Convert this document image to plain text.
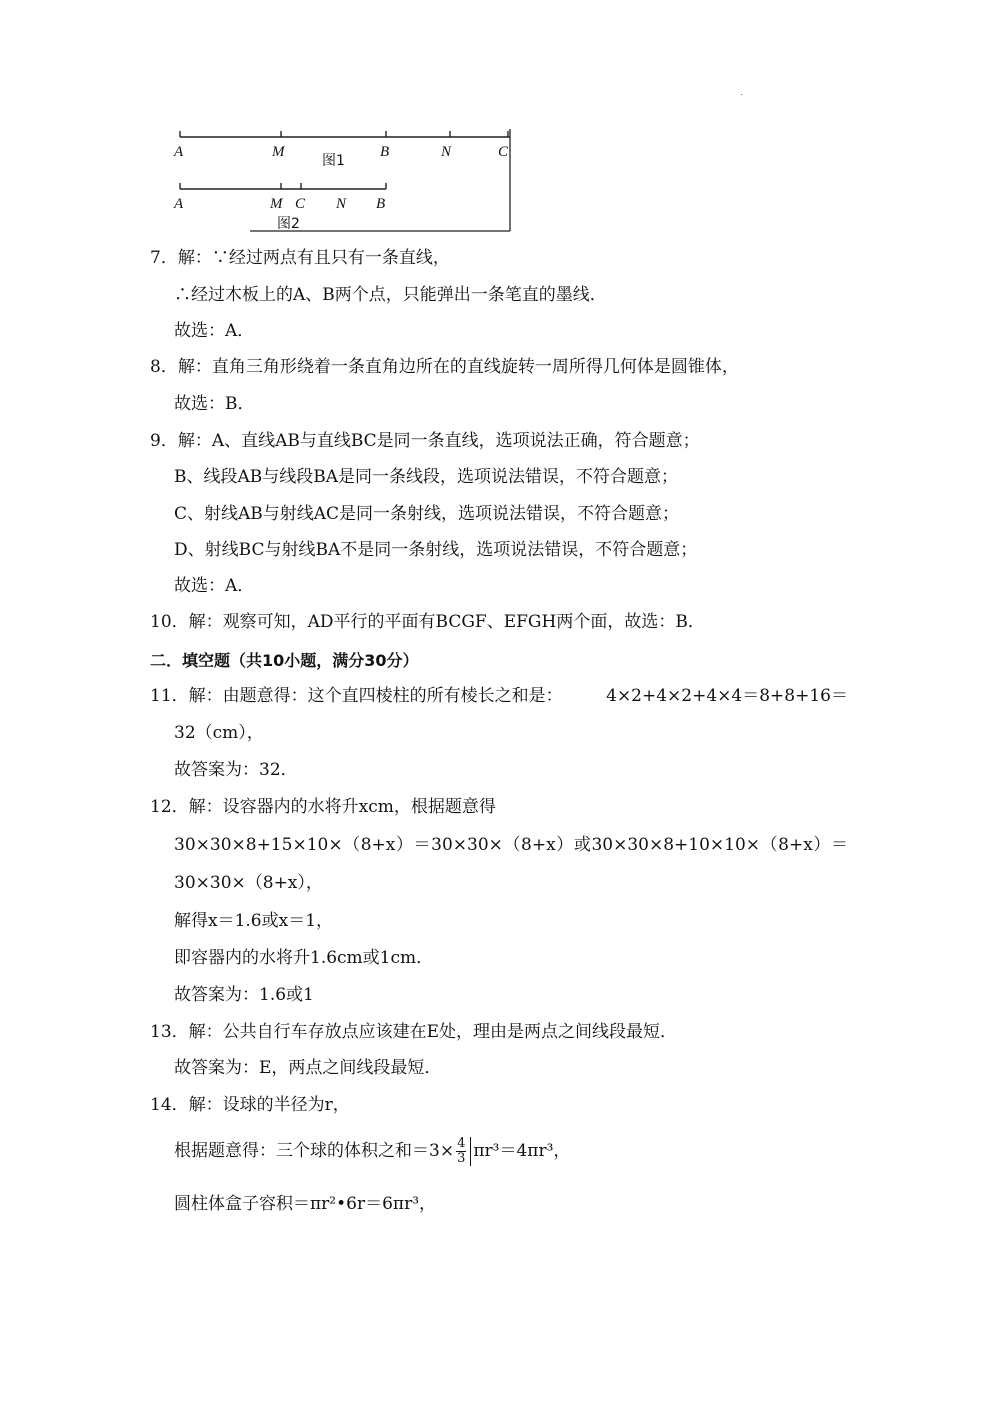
.
A	M	B	N	C
图1
A	M C N B
图2
7．解：∵经过两点有且只有一条直线，
∴经过木板上的A、B两个点，只能弹出一条笔直的墨线．
故选：A．
8．解：直角三角形绕着一条直角边所在的直线旋转一周所得几何体是圆锥体，
故选：B．
9．解：A、直线AB与直线BC是同一条直线，选项说法正确，符合题意；
B、线段AB与线段BA是同一条线段，选项说法错误，不符合题意；
C、射线AB与射线AC是同一条射线，选项说法错误，不符合题意；
D、射线BC与射线BA不是同一条射线，选项说法错误，不符合题意；
故选：A．
10．解：观察可知，AD平行的平面有BCGF、EFGH两个面，故选：B．
二．填空题（共10小题，满分30分）
11．解：由题意得：这个直四棱柱的所有棱长之和是：	4×2+4×2+4×4＝8+8+16＝
32（cm），
故答案为：32．
12．解：设容器内的水将升xcm，根据题意得
30×30×8+15×10× （ 8+x ） ＝ 30×30× （ 8+x ） 或 30×30×8+10×10× （ 8+x ） ＝
30×30×（8+x），
解得x＝1.6或x＝1，
即容器内的水将升1.6cm或1cm．
故答案为：1.6或1
13．解：公共自行车存放点应该建在E处，理由是两点之间线段最短．
故答案为：E，两点之间线段最短．
14．解：设球的半径为r，
根据题意得：三个球的体积之和$=3\times \frac{4}{3} \pi r^3=4\pi r^3$，
圆柱体盒子容积＝πr²•6r＝6πr³，
